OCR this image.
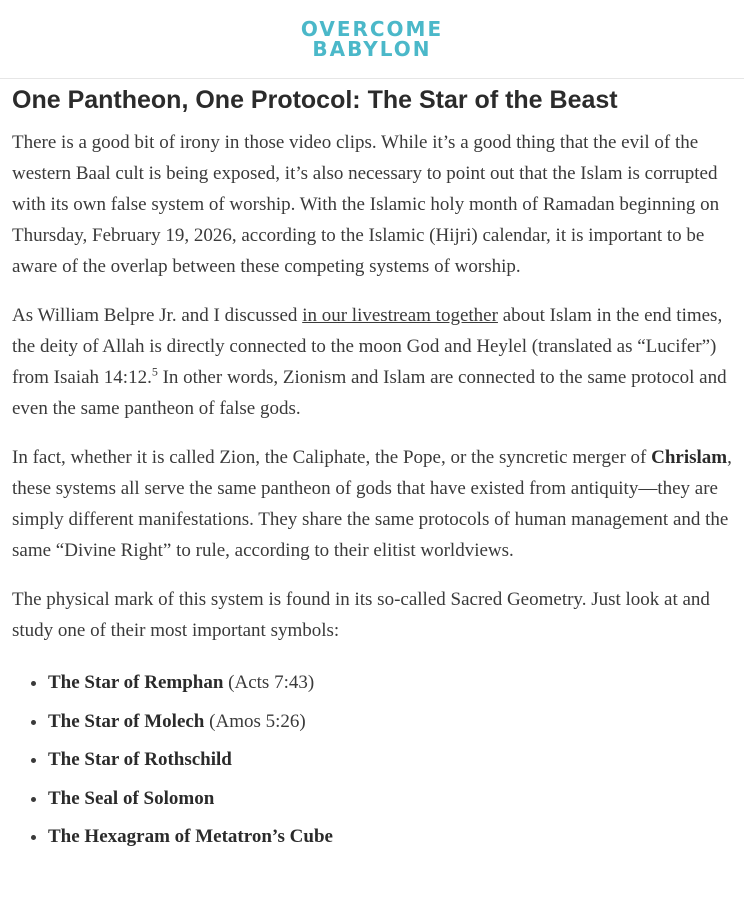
OVERCOME
BABYLON
One Pantheon, One Protocol: The Star of the Beast

There is a good bit of irony in those video clips. While it’s a good thing that the evil of the western Baal cult is being exposed, it’s also necessary to point out that the Islam is corrupted with its own false system of worship. With the Islamic holy month of Ramadan beginning on Thursday, February 19, 2026, according to the Islamic (Hijri) calendar, it is important to be aware of the overlap between these competing systems of worship.

As William Belpre Jr. and I discussed in our livestream together about Islam in the end times, the deity of Allah is directly connected to the moon God and Heylel (translated as “Lucifer”) from Isaiah 14:12.$^5$ In other words, Zionism and Islam are connected to the same protocol and even the same pantheon of false gods.

In fact, whether it is called Zion, the Caliphate, the Pope, or the syncretic merger of Chrislam, these systems all serve the same pantheon of gods that have existed from antiquity—they are simply different manifestations. They share the same protocols of human management and the same “Divine Right” to rule, according to their elitist worldviews.

The physical mark of this system is found in its so-called Sacred Geometry. Just look at and study one of their most important symbols:

• The Star of Remphan (Acts 7:43)
• The Star of Molech (Amos 5:26)
• The Star of Rothschild
• The Seal of Solomon
• The Hexagram of Metatron’s Cube
